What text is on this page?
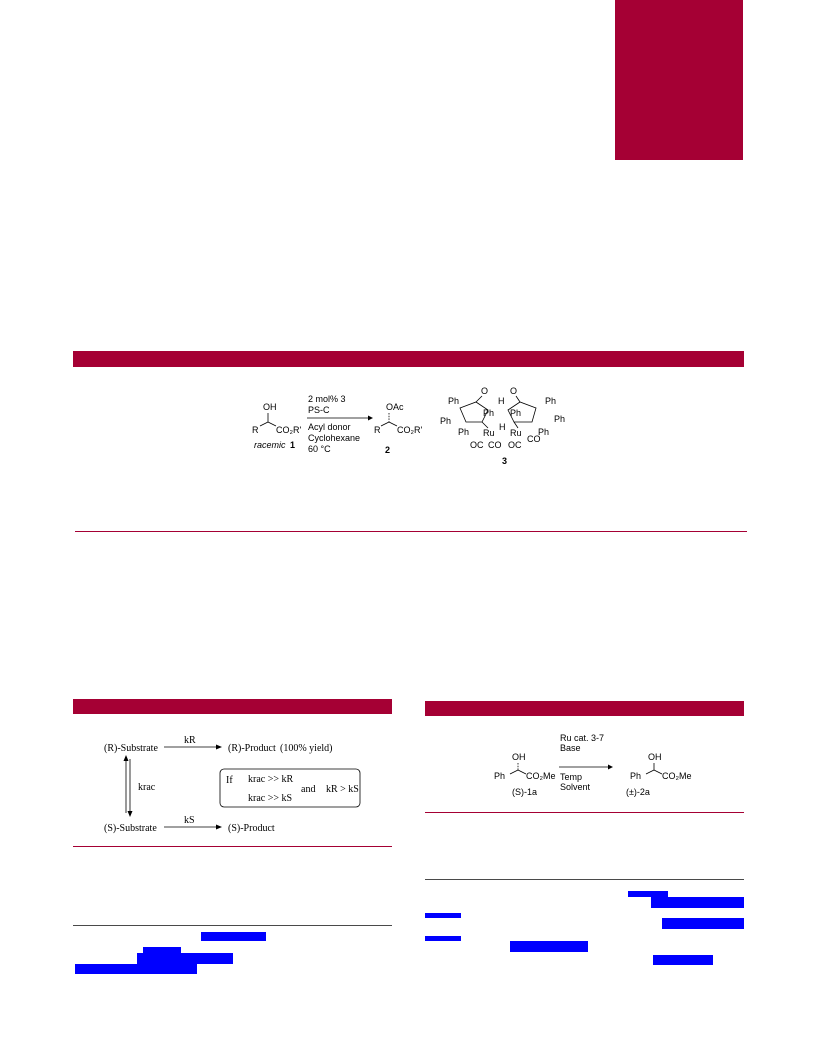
OH
R CO₂R'
racemic 1
2 mol% 3
PS-C
Acyl donor
Cyclohexane
60 °C
OAc
R CO₂R'
2
Ph
O
H
O
Ph
Ph Ph
Ph	Ph
Ph	Ph
Ru
H
Ru
OC CO OC
CO
3
(R)-Substrate
kR
(R)-Product (100% yield)
krac
If krac >> kR
krac >> kS
and kR > kS
(S)-Substrate
kS
(S)-Product
OH
Ph CO₂Me
(S)-1a
Ru cat. 3-7
Base
Temp
Solvent
OH
Ph CO₂Me
(±)-2a
